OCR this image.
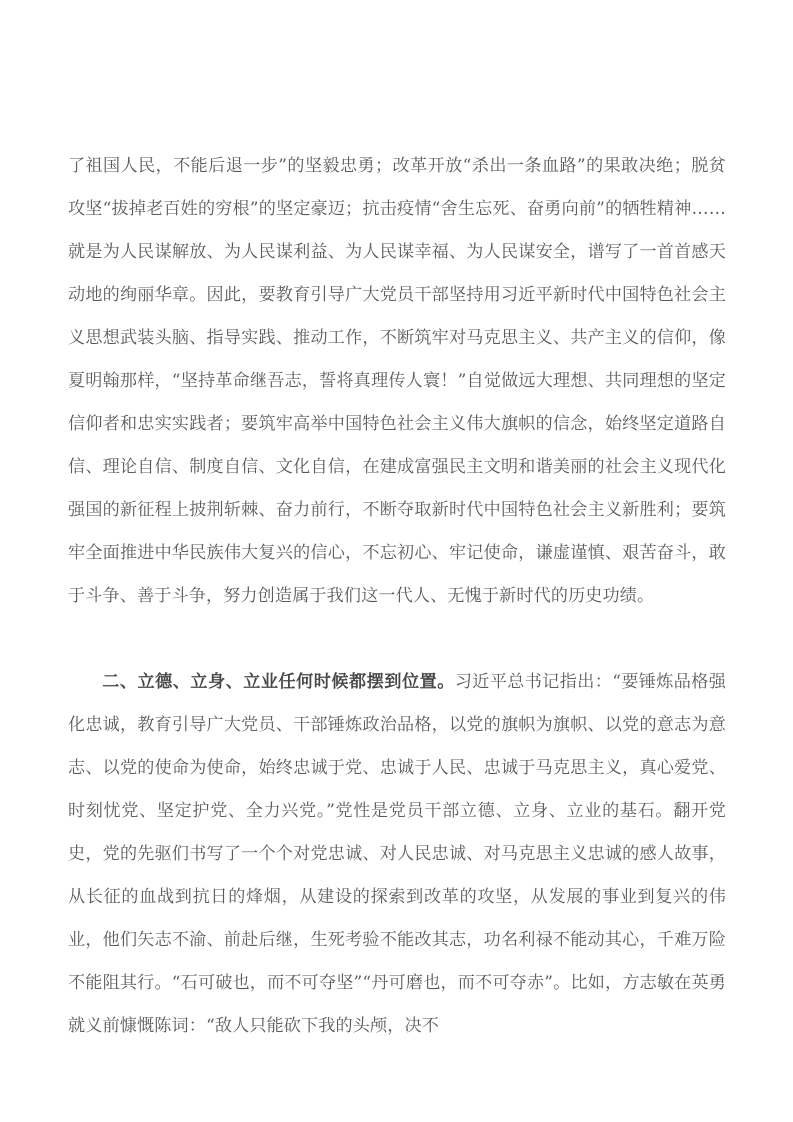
了祖国人民，不能后退一步”的坚毅忠勇；改革开放“杀出一条血路”的果敢决绝；脱贫攻坚“拔掉老百姓的穷根”的坚定豪迈；抗击疫情“舍生忘死、奋勇向前”的牺牲精神……就是为人民谋解放、为人民谋利益、为人民谋幸福、为人民谋安全，谱写了一首首感天动地的绚丽华章。因此，要教育引导广大党员干部坚持用习近平新时代中国特色社会主义思想武装头脑、指导实践、推动工作，不断筑牢对马克思主义、共产主义的信仰，像夏明翰那样，“坚持革命继吾志，誓将真理传人寰！”自觉做远大理想、共同理想的坚定信仰者和忠实实践者；要筑牢高举中国特色社会主义伟大旗帜的信念，始终坚定道路自信、理论自信、制度自信、文化自信，在建成富强民主文明和谐美丽的社会主义现代化强国的新征程上披荆斩棘、奋力前行，不断夺取新时代中国特色社会主义新胜利；要筑牢全面推进中华民族伟大复兴的信心，不忘初心、牢记使命，谦虚谨慎、艰苦奋斗，敢于斗争、善于斗争，努力创造属于我们这一代人、无愧于新时代的历史功绩。

二、立德、立身、立业任何时候都摆到位置。习近平总书记指出：“要锤炼品格强化忠诚，教育引导广大党员、干部锤炼政治品格，以党的旗帜为旗帜、以党的意志为意志、以党的使命为使命，始终忠诚于党、忠诚于人民、忠诚于马克思主义，真心爱党、时刻忧党、坚定护党、全力兴党。”党性是党员干部立德、立身、立业的基石。翻开党史，党的先驱们书写了一个个对党忠诚、对人民忠诚、对马克思主义忠诚的感人故事，从长征的血战到抗日的烽烟，从建设的探索到改革的攻坚，从发展的事业到复兴的伟业，他们矢志不渝、前赴后继，生死考验不能改其志，功名利禄不能动其心，千难万险不能阻其行。“石可破也，而不可夺坚”“丹可磨也，而不可夺赤”。比如，方志敏在英勇就义前慷慨陈词：“敌人只能砍下我的头颅，决不
